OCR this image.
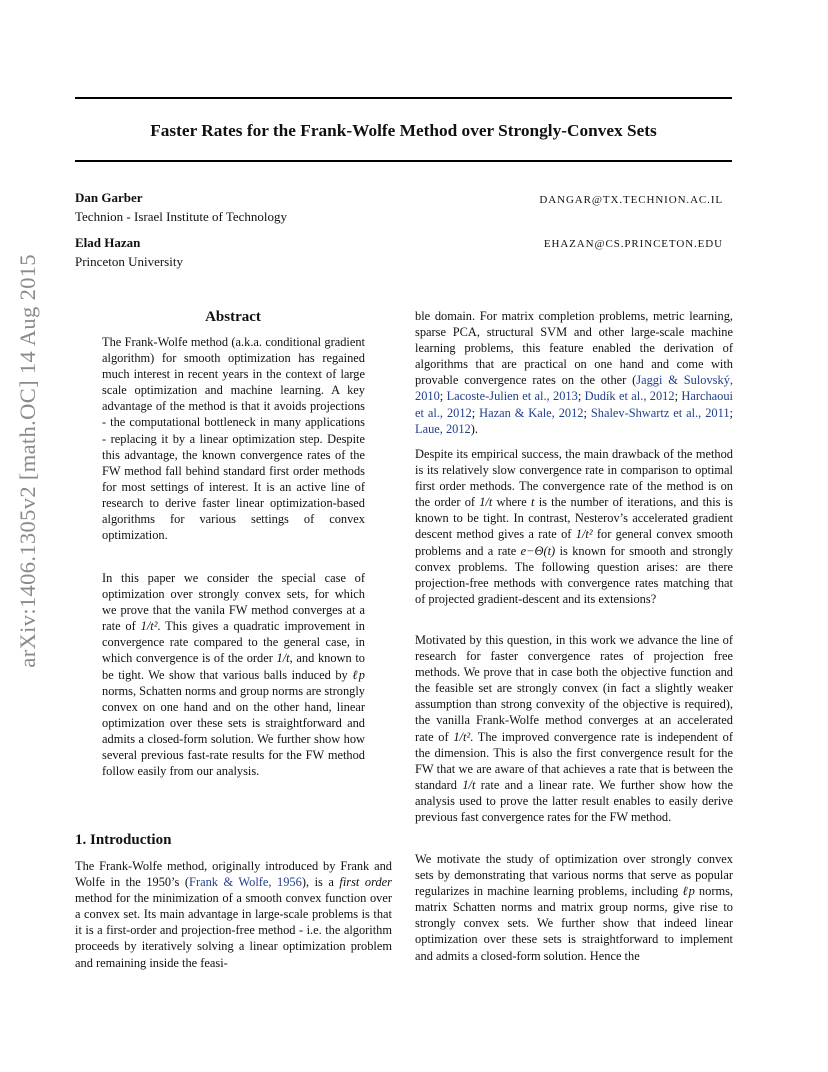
arXiv:1406.1305v2 [math.OC] 14 Aug 2015
Faster Rates for the Frank-Wolfe Method over Strongly-Convex Sets
Dan Garber
Technion - Israel Institute of Technology
DANGAR@TX.TECHNION.AC.IL
Elad Hazan
Princeton University
EHAZAN@CS.PRINCETON.EDU
Abstract

The Frank-Wolfe method (a.k.a. conditional gradient algorithm) for smooth optimization has regained much interest in recent years in the context of large scale optimization and machine learning. A key advantage of the method is that it avoids projections - the computational bottleneck in many applications - replacing it by a linear optimization step. Despite this advantage, the known convergence rates of the FW method fall behind standard first order methods for most settings of interest. It is an active line of research to derive faster linear optimization-based algorithms for various settings of convex optimization.

In this paper we consider the special case of optimization over strongly convex sets, for which we prove that the vanila FW method converges at a rate of 1/t². This gives a quadratic improvement in convergence rate compared to the general case, in which convergence is of the order 1/t, and known to be tight. We show that various balls induced by ℓp norms, Schatten norms and group norms are strongly convex on one hand and on the other hand, linear optimization over these sets is straightforward and admits a closed-form solution. We further show how several previous fast-rate results for the FW method follow easily from our analysis.

1. Introduction

The Frank-Wolfe method, originally introduced by Frank and Wolfe in the 1950’s (Frank & Wolfe, 1956), is a first order method for the minimization of a smooth convex function over a convex set. Its main advantage in large-scale problems is that it is a first-order and projection-free method - i.e. the algorithm proceeds by iteratively solving a linear optimization problem and remaining inside the feasi-

ble domain. For matrix completion problems, metric learning, sparse PCA, structural SVM and other large-scale machine learning problems, this feature enabled the derivation of algorithms that are practical on one hand and come with provable convergence rates on the other (Jaggi & Sulovský, 2010; Lacoste-Julien et al., 2013; Dudík et al., 2012; Harchaoui et al., 2012; Hazan & Kale, 2012; Shalev-Shwartz et al., 2011; Laue, 2012).

Despite its empirical success, the main drawback of the method is its relatively slow convergence rate in comparison to optimal first order methods. The convergence rate of the method is on the order of 1/t where t is the number of iterations, and this is known to be tight. In contrast, Nesterov’s accelerated gradient descent method gives a rate of 1/t² for general convex smooth problems and a rate e−Θ(t) is known for smooth and strongly convex problems. The following question arises: are there projection-free methods with convergence rates matching that of projected gradient-descent and its extensions?

Motivated by this question, in this work we advance the line of research for faster convergence rates of projection free methods. We prove that in case both the objective function and the feasible set are strongly convex (in fact a slightly weaker assumption than strong convexity of the objective is required), the vanilla Frank-Wolfe method converges at an accelerated rate of 1/t². The improved convergence rate is independent of the dimension. This is also the first convergence result for the FW that we are aware of that achieves a rate that is between the standard 1/t rate and a linear rate. We further show how the analysis used to prove the latter result enables to easily derive previous fast convergence rates for the FW method.

We motivate the study of optimization over strongly convex sets by demonstrating that various norms that serve as popular regularizes in machine learning problems, including ℓp norms, matrix Schatten norms and matrix group norms, give rise to strongly convex sets. We further show that indeed linear optimization over these sets is straightforward to implement and admits a closed-form solution. Hence the
